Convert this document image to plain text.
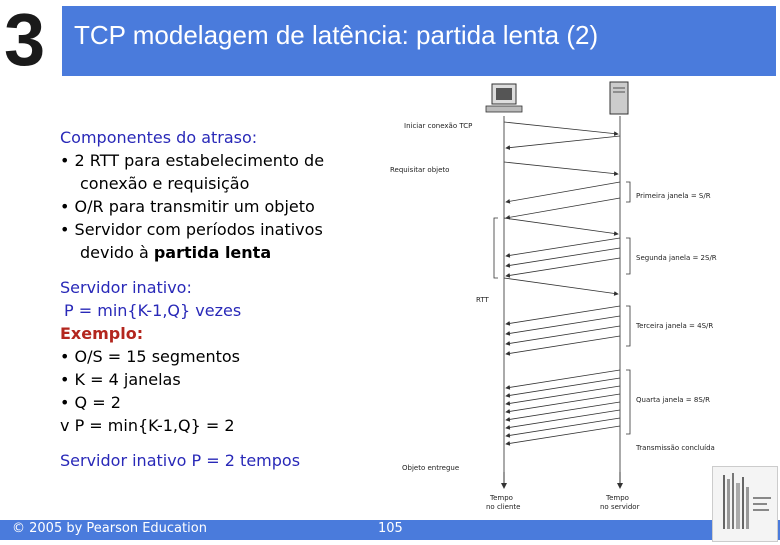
3	TCP modelagem de latência: partida lenta (2)
Componentes do atraso:
• 2 RTT para estabelecimento de
conexão e requisição
• O/R para transmitir um objeto
• Servidor com períodos inativos
devido à partida lenta
Servidor inativo:
P = min{K-1,Q} vezes
Exemplo:
• O/S = 15 segmentos
• K = 4 janelas
• Q = 2
v P = min{K-1,Q} = 2
Servidor inativo P = 2 tempos
Iniciar conexão TCP
Requisitar objeto
Primeira janela = S/R
Segunda janela = 2S/R
RTT
Terceira janela = 4S/R
Quarta janela = 8S/R
Transmissão concluída
Objeto entregue
Tempo
no cliente
Tempo
no servidor
© 2005 by Pearson Education	105
